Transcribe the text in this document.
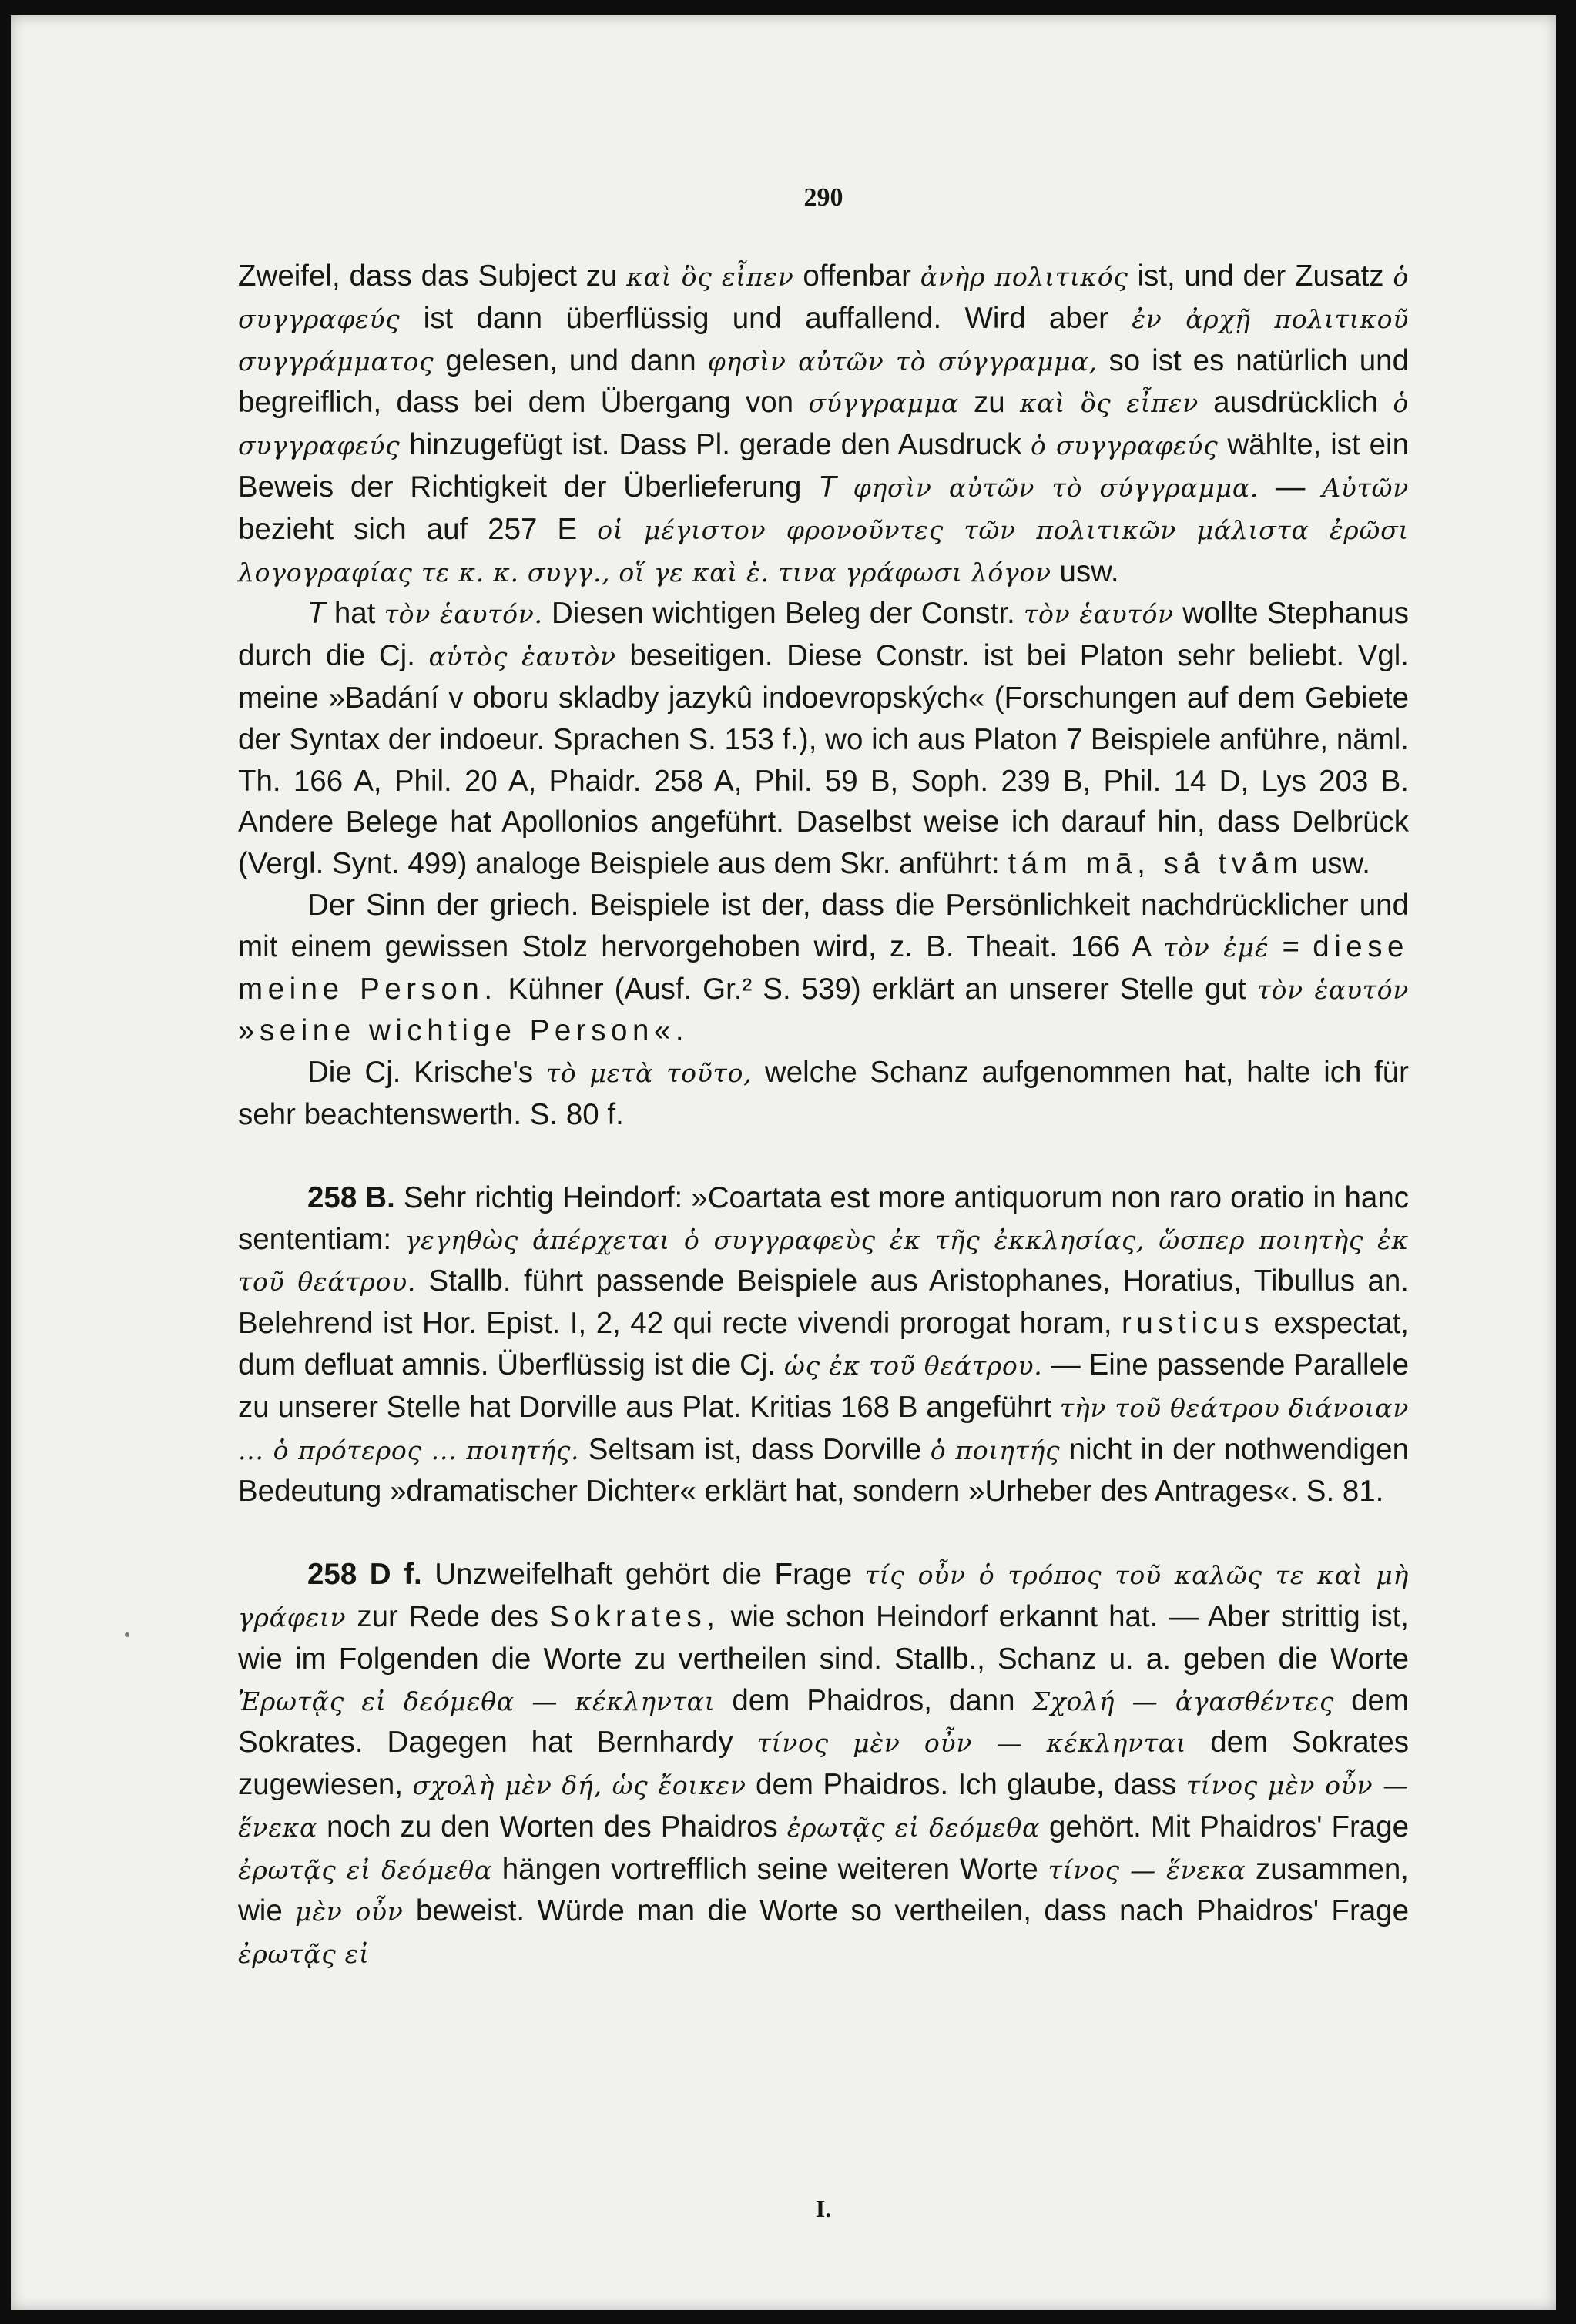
290

Zweifel, dass das Subject zu καὶ ὃς εἶπεν offenbar ἀνὴρ πολιτικός ist, und der Zusatz ὁ συγγραφεύς ist dann überflüssig und auffallend. Wird aber ἐν ἀρχῇ πολιτικοῦ συγγράμματος gelesen, und dann φησὶν αὐτῶν τὸ σύγγραμμα, so ist es natürlich und begreiflich, dass bei dem Übergang von σύγγραμμα zu καὶ ὃς εἶπεν ausdrücklich ὁ συγγραφεύς hinzugefügt ist. Dass Pl. gerade den Ausdruck ὁ συγγραφεύς wählte, ist ein Beweis der Richtigkeit der Überlieferung T φησὶν αὐτῶν τὸ σύγγραμμα. — Αὐτῶν bezieht sich auf 257 E οἱ μέγιστον φρονοῦντες τῶν πολιτικῶν μάλιστα ἐρῶσι λογογραφίας τε κ. κ. συγγ., οἵ γε καὶ ἑ. τινα γράφωσι λόγον usw.

T hat τὸν ἑαυτόν. Diesen wichtigen Beleg der Constr. τὸν ἑαυτόν wollte Stephanus durch die Cj. αὑτὸς ἑαυτὸν beseitigen. Diese Constr. ist bei Platon sehr beliebt. Vgl. meine »Badání v oboru skladby jazykû indoevropských« (Forschungen auf dem Gebiete der Syntax der indoeur. Sprachen S. 153 f.), wo ich aus Platon 7 Beispiele anführe, näml. Th. 166 A, Phil. 20 A, Phaidr. 258 A, Phil. 59 B, Soph. 239 B, Phil. 14 D, Lys 203 B. Andere Belege hat Apollonios angeführt. Daselbst weise ich darauf hin, dass Delbrück (Vergl. Synt. 499) analoge Beispiele aus dem Skr. anführt: tám mā, sā́ tvā́m usw.

Der Sinn der griech. Beispiele ist der, dass die Persönlichkeit nachdrücklicher und mit einem gewissen Stolz hervorgehoben wird, z. B. Theait. 166 A τὸν ἐμέ = diese meine Person. Kühner (Ausf. Gr.² S. 539) erklärt an unserer Stelle gut τὸν ἑαυτόν »seine wichtige Person«.

Die Cj. Krische's τὸ μετὰ τοῦτο, welche Schanz aufgenommen hat, halte ich für sehr beachtenswerth. S. 80 f.

258 B. Sehr richtig Heindorf: »Coartata est more antiquorum non raro oratio in hanc sententiam: γεγηθὼς ἀπέρχεται ὁ συγγραφεὺς ἐκ τῆς ἐκκλησίας, ὥσπερ ποιητὴς ἐκ τοῦ θεάτρου. Stallb. führt passende Beispiele aus Aristophanes, Horatius, Tibullus an. Belehrend ist Hor. Epist. I, 2, 42 qui recte vivendi prorogat horam, rusticus exspectat, dum defluat amnis. Überflüssig ist die Cj. ὡς ἐκ τοῦ θεάτρου. — Eine passende Parallele zu unserer Stelle hat Dorville aus Plat. Kritias 168 B angeführt τὴν τοῦ θεάτρου διάνοιαν ... ὁ πρότερος ... ποιητής. Seltsam ist, dass Dorville ὁ ποιητής nicht in der nothwendigen Bedeutung »dramatischer Dichter« erklärt hat, sondern »Urheber des Antrages«. S. 81.

258 D f. Unzweifelhaft gehört die Frage τίς οὖν ὁ τρόπος τοῦ καλῶς τε καὶ μὴ γράφειν zur Rede des Sokrates, wie schon Heindorf erkannt hat. — Aber strittig ist, wie im Folgenden die Worte zu vertheilen sind. Stallb., Schanz u. a. geben die Worte Ἐρωτᾷς εἰ δεόμεθα — κέκληνται dem Phaidros, dann Σχολή — ἀγασθέντες dem Sokrates. Dagegen hat Bernhardy τίνος μὲν οὖν — κέκληνται dem Sokrates zugewiesen, σχολὴ μὲν δή, ὡς ἔοικεν dem Phaidros. Ich glaube, dass τίνος μὲν οὖν — ἕνεκα noch zu den Worten des Phaidros ἐρωτᾷς εἰ δεόμεθα gehört. Mit Phaidros' Frage ἐρωτᾷς εἰ δεόμεθα hängen vortrefflich seine weiteren Worte τίνος — ἕνεκα zusammen, wie μὲν οὖν beweist. Würde man die Worte so vertheilen, dass nach Phaidros' Frage ἐρωτᾷς εἰ

I.
